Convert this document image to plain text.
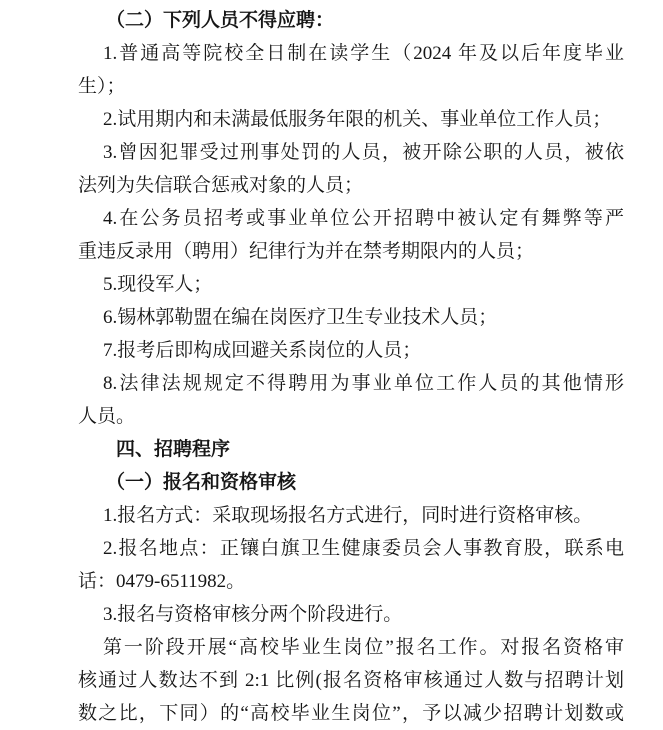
（二）下列人员不得应聘：

1.普通高等院校全日制在读学生（2024 年及以后年度毕业
生）；

2.试用期内和未满最低服务年限的机关、事业单位工作人员；

3.曾因犯罪受过刑事处罚的人员，被开除公职的人员，被依
法列为失信联合惩戒对象的人员；

4.在公务员招考或事业单位公开招聘中被认定有舞弊等严
重违反录用（聘用）纪律行为并在禁考期限内的人员；

5.现役军人；

6.锡林郭勒盟在编在岗医疗卫生专业技术人员；

7.报考后即构成回避关系岗位的人员；

8.法律法规规定不得聘用为事业单位工作人员的其他情形
人员。

四、招聘程序

（一）报名和资格审核

1.报名方式：采取现场报名方式进行，同时进行资格审核。

2.报名地点：正镶白旗卫生健康委员会人事教育股，联系电
话：0479-6511982。

3.报名与资格审核分两个阶段进行。

第一阶段开展“高校毕业生岗位”报名工作。对报名资格审
核通过人数达不到 2:1 比例(报名资格审核通过人数与招聘计划
数之比，下同）的“高校毕业生岗位”，予以减少招聘计划数或
